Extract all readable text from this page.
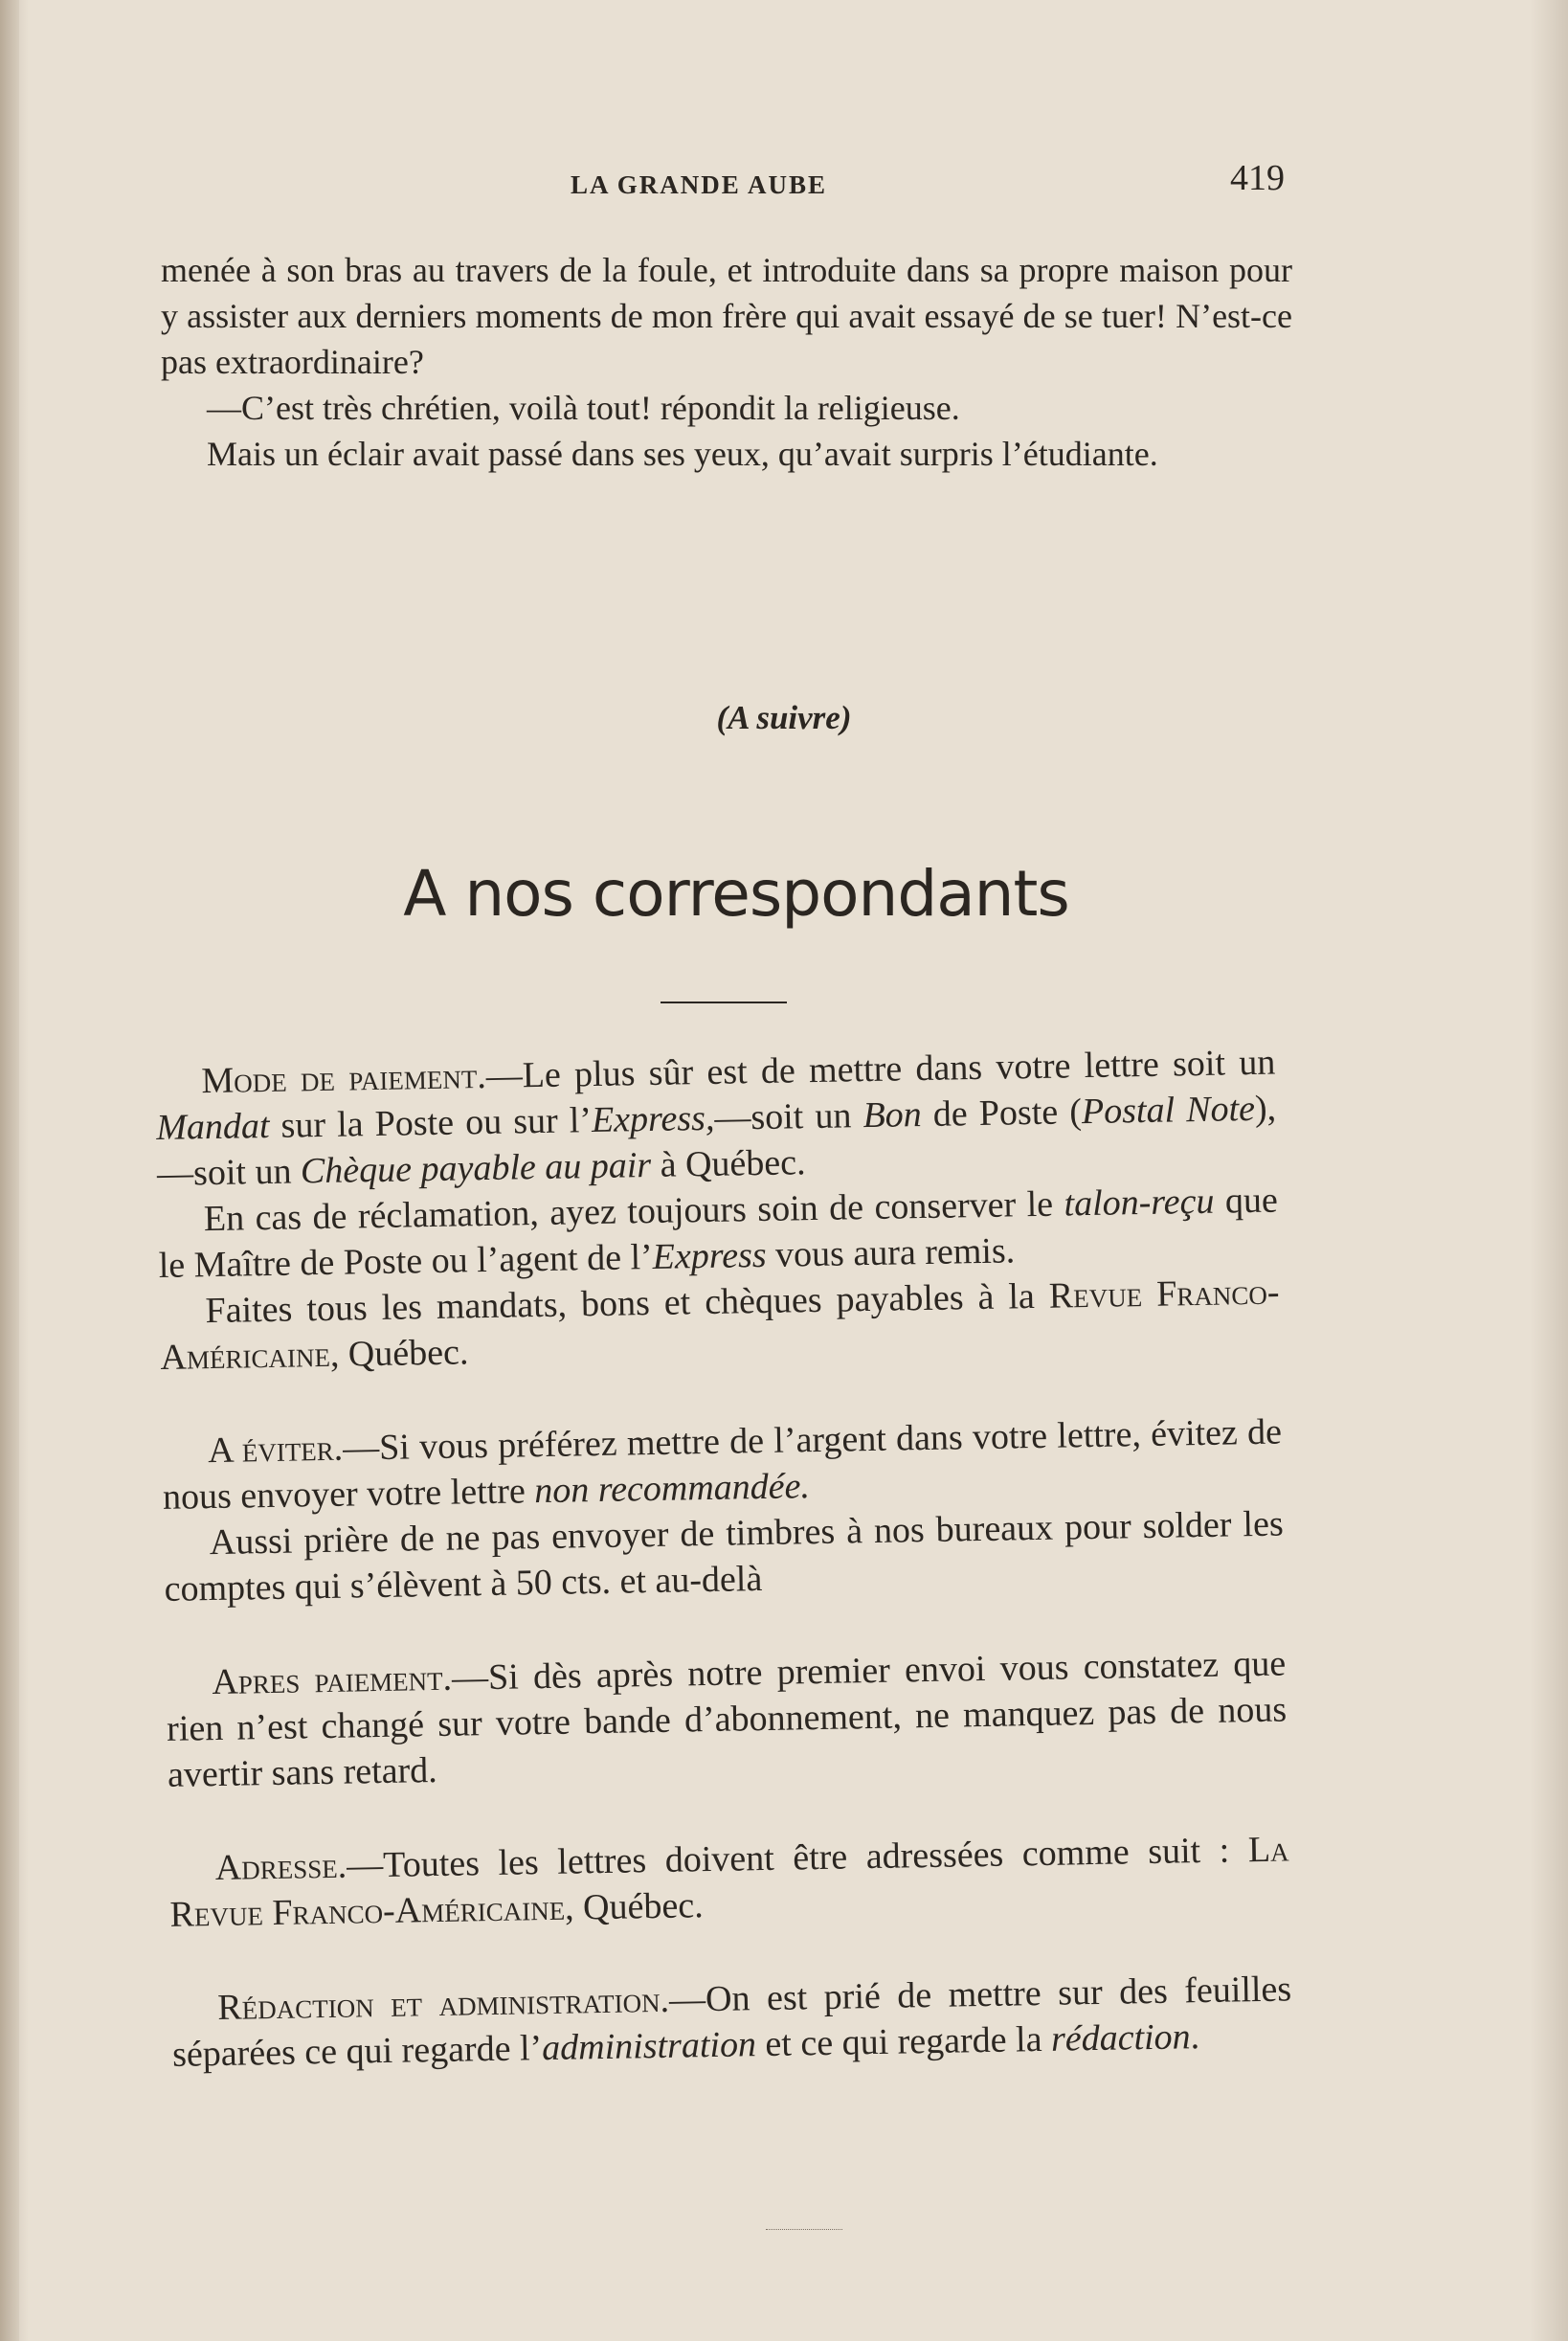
LA GRANDE AUBE	419

menée à son bras au travers de la foule, et introduite dans sa propre maison pour y assister aux derniers moments de mon frère qui avait essayé de se tuer! N’est-ce pas extraordinaire?

—C’est très chrétien, voilà tout! répondit la religieuse.

Mais un éclair avait passé dans ses yeux, qu’avait surpris l’étudiante.

(A suivre)
A nos correspondants

Mode de paiement.—Le plus sûr est de mettre dans votre lettre soit un Mandat sur la Poste ou sur l’Express,—soit un Bon de Poste (Postal Note),—soit un Chèque payable au pair à Québec.

En cas de réclamation, ayez toujours soin de conserver le talon-reçu que le Maître de Poste ou l’agent de l’Express vous aura remis.

Faites tous les mandats, bons et chèques payables à la Revue Franco-Américaine, Québec.

A éviter.—Si vous préférez mettre de l’argent dans votre lettre, évitez de nous envoyer votre lettre non recommandée.

Aussi prière de ne pas envoyer de timbres à nos bureaux pour solder les comptes qui s’élèvent à 50 cts. et au-delà

Apres paiement.—Si dès après notre premier envoi vous constatez que rien n’est changé sur votre bande d’abonnement, ne manquez pas de nous avertir sans retard.

Adresse.—Toutes les lettres doivent être adressées comme suit : La Revue Franco-Américaine, Québec.

Rédaction et administration.—On est prié de mettre sur des feuilles séparées ce qui regarde l’administration et ce qui regarde la rédaction.
